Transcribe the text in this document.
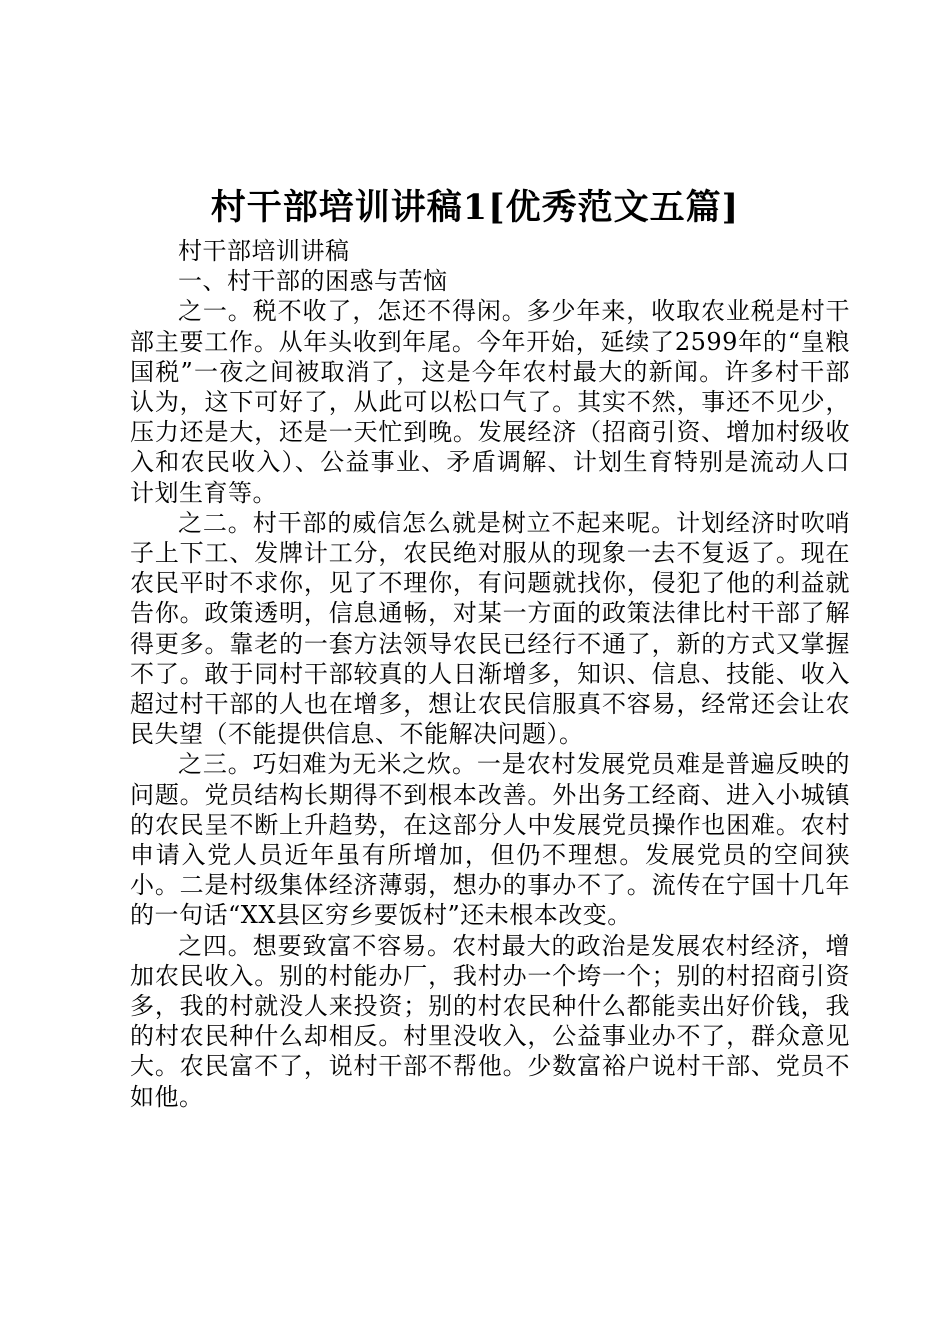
村干部培训讲稿1[优秀范文五篇]

村干部培训讲稿

一、村干部的困惑与苦恼

之一。税不收了，怎还不得闲。多少年来，收取农业税是村干部主要工作。从年头收到年尾。今年开始，延续了2599年的“皇粮国税”一夜之间被取消了，这是今年农村最大的新闻。许多村干部认为，这下可好了，从此可以松口气了。其实不然，事还不见少，压力还是大，还是一天忙到晚。发展经济（招商引资、增加村级收入和农民收入）、公益事业、矛盾调解、计划生育特别是流动人口计划生育等。

之二。村干部的威信怎么就是树立不起来呢。计划经济时吹哨子上下工、发牌计工分，农民绝对服从的现象一去不复返了。现在农民平时不求你，见了不理你，有问题就找你，侵犯了他的利益就告你。政策透明，信息通畅，对某一方面的政策法律比村干部了解得更多。靠老的一套方法领导农民已经行不通了，新的方式又掌握不了。敢于同村干部较真的人日渐增多，知识、信息、技能、收入超过村干部的人也在增多，想让农民信服真不容易，经常还会让农民失望（不能提供信息、不能解决问题）。

之三。巧妇难为无米之炊。一是农村发展党员难是普遍反映的问题。党员结构长期得不到根本改善。外出务工经商、进入小城镇的农民呈不断上升趋势，在这部分人中发展党员操作也困难。农村申请入党人员近年虽有所增加，但仍不理想。发展党员的空间狭小。二是村级集体经济薄弱，想办的事办不了。流传在宁国十几年的一句话“XX县区穷乡要饭村”还未根本改变。

之四。想要致富不容易。农村最大的政治是发展农村经济，增加农民收入。别的村能办厂，我村办一个垮一个；别的村招商引资多，我的村就没人来投资；别的村农民种什么都能卖出好价钱，我的村农民种什么却相反。村里没收入，公益事业办不了，群众意见大。农民富不了，说村干部不帮他。少数富裕户说村干部、党员不如他。
